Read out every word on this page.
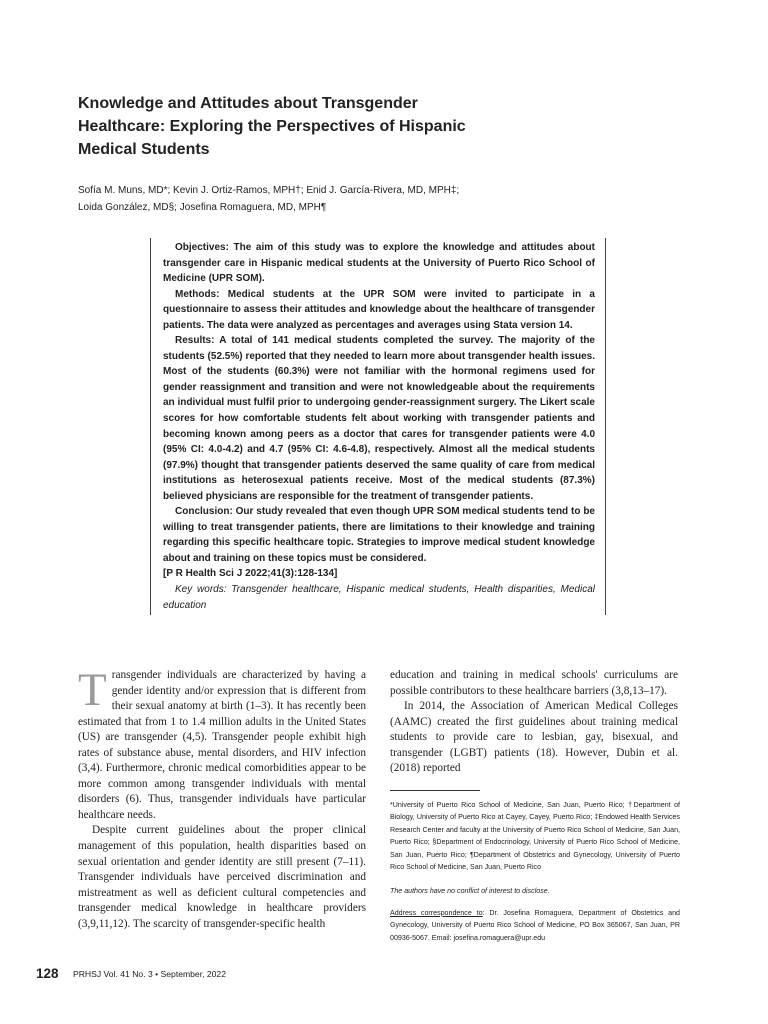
Knowledge and Attitudes about Transgender
Healthcare: Exploring the Perspectives of Hispanic
Medical Students
Sofía M. Muns, MD*; Kevin J. Ortiz-Ramos, MPH†; Enid J. García-Rivera, MD, MPH‡;
Loida González, MD§; Josefina Romaguera, MD, MPH¶

Objectives: The aim of this study was to explore the knowledge and attitudes about transgender care in Hispanic medical students at the University of Puerto Rico School of Medicine (UPR SOM).

Methods: Medical students at the UPR SOM were invited to participate in a questionnaire to assess their attitudes and knowledge about the healthcare of transgender patients. The data were analyzed as percentages and averages using Stata version 14.

Results: A total of 141 medical students completed the survey. The majority of the students (52.5%) reported that they needed to learn more about transgender health issues. Most of the students (60.3%) were not familiar with the hormonal regimens used for gender reassignment and transition and were not knowledgeable about the requirements an individual must fulfil prior to undergoing gender-reassignment surgery. The Likert scale scores for how comfortable students felt about working with transgender patients and becoming known among peers as a doctor that cares for transgender patients were 4.0 (95% CI: 4.0-4.2) and 4.7 (95% CI: 4.6-4.8), respectively. Almost all the medical students (97.9%) thought that transgender patients deserved the same quality of care from medical institutions as heterosexual patients receive. Most of the medical students (87.3%) believed physicians are responsible for the treatment of transgender patients.

Conclusion: Our study revealed that even though UPR SOM medical students tend to be willing to treat transgender patients, there are limitations to their knowledge and training regarding this specific healthcare topic. Strategies to improve medical student knowledge about and training on these topics must be considered.
[P R Health Sci J 2022;41(3):128-134]

Key words: Transgender healthcare, Hispanic medical students, Health disparities, Medical education

Transgender individuals are characterized by having a gender identity and/or expression that is different from their sexual anatomy at birth (1–3). It has recently been estimated that from 1 to 1.4 million adults in the United States (US) are transgender (4,5). Transgender people exhibit high rates of substance abuse, mental disorders, and HIV infection (3,4). Furthermore, chronic medical comorbidities appear to be more common among transgender individuals with mental disorders (6). Thus, transgender individuals have particular healthcare needs.

Despite current guidelines about the proper clinical management of this population, health disparities based on sexual orientation and gender identity are still present (7–11). Transgender individuals have perceived discrimination and mistreatment as well as deficient cultural competencies and transgender medical knowledge in healthcare providers (3,9,11,12). The scarcity of transgender-specific health

education and training in medical schools' curriculums are possible contributors to these healthcare barriers (3,8,13–17).

In 2014, the Association of American Medical Colleges (AAMC) created the first guidelines about training medical students to provide care to lesbian, gay, bisexual, and transgender (LGBT) patients (18). However, Dubin et al. (2018) reported

*University of Puerto Rico School of Medicine, San Juan, Puerto Rico; †Department of Biology, University of Puerto Rico at Cayey, Cayey, Puerto Rico; ‡Endowed Health Services Research Center and faculty at the University of Puerto Rico School of Medicine, San Juan, Puerto Rico; §Department of Endocrinology, University of Puerto Rico School of Medicine, San Juan, Puerto Rico; ¶Department of Obstetrics and Gynecology, University of Puerto Rico School of Medicine, San Juan, Puerto Rico

The authors have no conflict of interest to disclose.

Address correspondence to: Dr. Josefina Romaguera, Department of Obstetrics and Gynecology, University of Puerto Rico School of Medicine, PO Box 365067, San Juan, PR 00936-5067. Email: josefina.romaguera@upr.edu

128 PRHSJ Vol. 41 No. 3 • September, 2022
